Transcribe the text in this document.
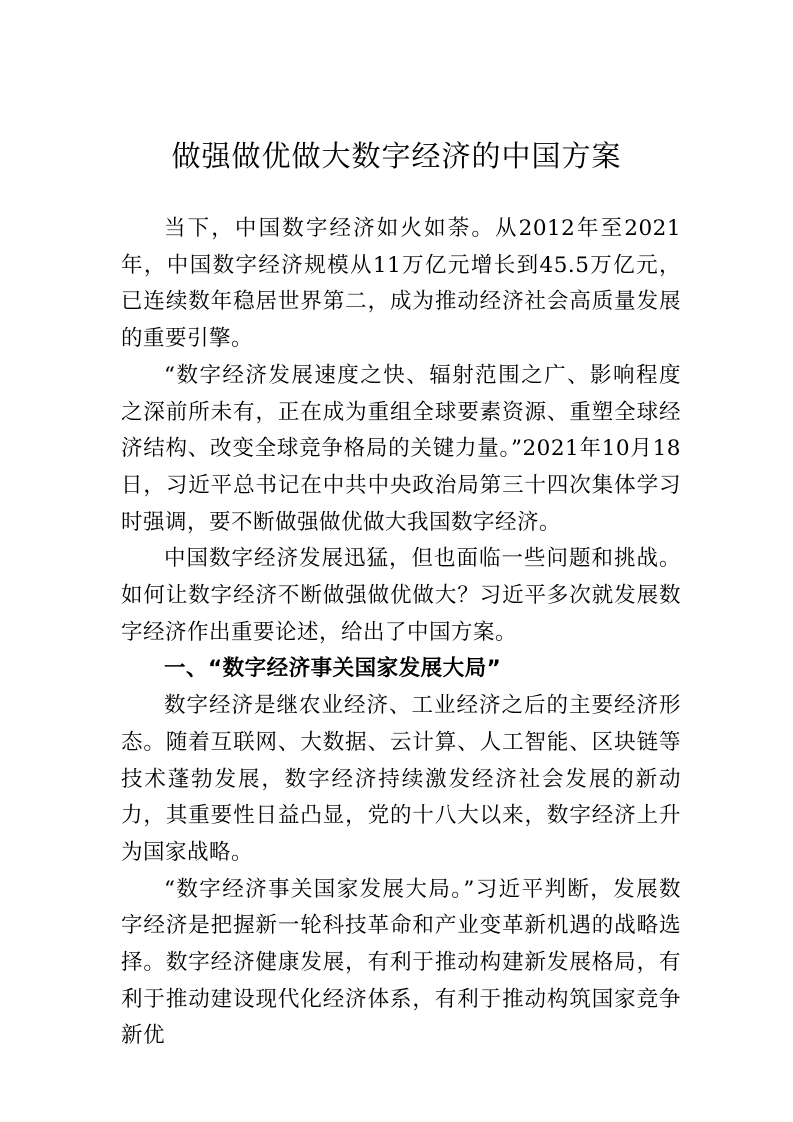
做强做优做大数字经济的中国方案

当下，中国数字经济如火如荼。从2012年至2021年，中国数字经济规模从11万亿元增长到45.5万亿元，已连续数年稳居世界第二，成为推动经济社会高质量发展的重要引擎。

“数字经济发展速度之快、辐射范围之广、影响程度之深前所未有，正在成为重组全球要素资源、重塑全球经济结构、改变全球竞争格局的关键力量。”2021年10月18日，习近平总书记在中共中央政治局第三十四次集体学习时强调，要不断做强做优做大我国数字经济。

中国数字经济发展迅猛，但也面临一些问题和挑战。如何让数字经济不断做强做优做大？习近平多次就发展数字经济作出重要论述，给出了中国方案。

一、“数字经济事关国家发展大局”

数字经济是继农业经济、工业经济之后的主要经济形态。随着互联网、大数据、云计算、人工智能、区块链等技术蓬勃发展，数字经济持续激发经济社会发展的新动力，其重要性日益凸显，党的十八大以来，数字经济上升为国家战略。

“数字经济事关国家发展大局。”习近平判断，发展数字经济是把握新一轮科技革命和产业变革新机遇的战略选择。数字经济健康发展，有利于推动构建新发展格局，有利于推动建设现代化经济体系，有利于推动构筑国家竞争新优
